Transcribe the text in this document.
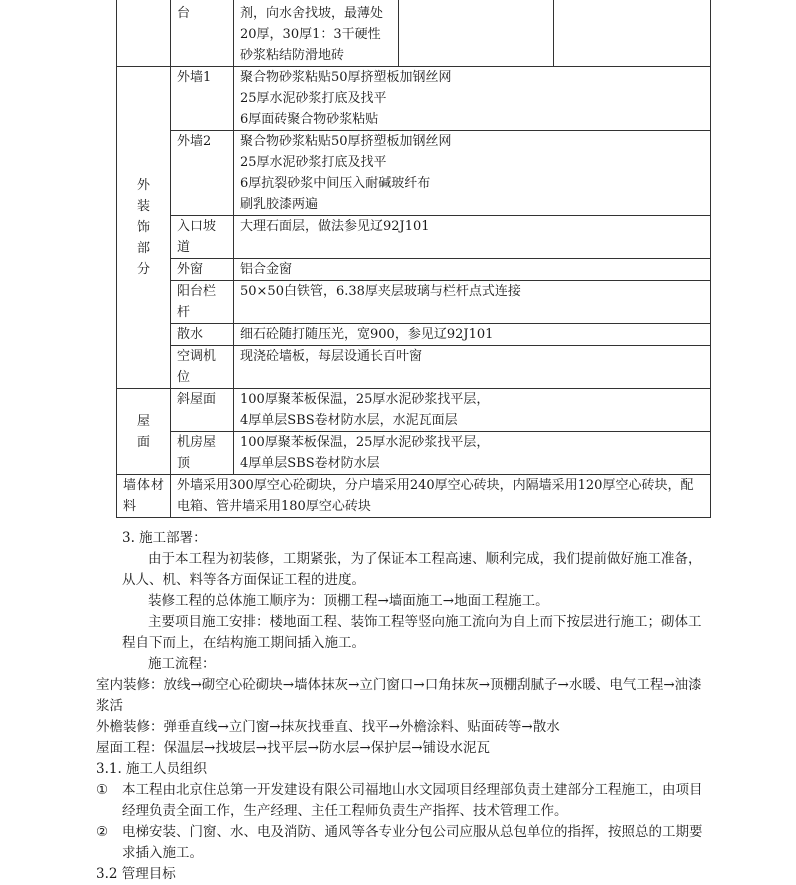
台	剂，向水舍找坡，最薄处
20厚，30厚1：3干硬性
砂浆粘结防滑地砖		

外装饰部分	外墙1	聚合物砂浆粘贴50厚挤塑板加钢丝网
25厚水泥砂浆打底及找平
6厚面砖聚合物砂浆粘贴		

	外墙2	聚合物砂浆粘贴50厚挤塑板加钢丝网
25厚水泥砂浆打底及找平
6厚抗裂砂浆中间压入耐碱玻纤布
刷乳胶漆两遍		

	入口坡道	大理石面层，做法参见辽92J101		

	外窗	铝合金窗		

	阳台栏杆	50×50白铁管，6.38厚夹层玻璃与栏杆点式连接		

	散水	细石砼随打随压光，宽900，参见辽92J101		

	空调机位	现浇砼墙板，每层设通长百叶窗		

屋面	斜屋面	100厚聚苯板保温，25厚水泥砂浆找平层，
4厚单层SBS卷材防水层，水泥瓦面层		

	机房屋顶	100厚聚苯板保温，25厚水泥砂浆找平层，
4厚单层SBS卷材防水层		

墙体材料	外墙采用300厚空心砼砌块，分户墙采用240厚空心砖块，内隔墙采用120厚空心砖块，配电箱、管井墙采用180厚空心砖块			

3. 施工部署：

由于本工程为初装修，工期紧张，为了保证本工程高速、顺利完成，我们提前做好施工准备，从人、机、料等各方面保证工程的进度。

装修工程的总体施工顺序为：顶棚工程→墙面施工→地面工程施工。

主要项目施工安排：楼地面工程、装饰工程等竖向施工流向为自上而下按层进行施工；砌体工程自下而上，在结构施工期间插入施工。

施工流程：

室内装修：放线→砌空心砼砌块→墙体抹灰→立门窗口→口角抹灰→顶棚刮腻子→水暖、电气工程→油漆浆活

外檐装修：弹垂直线→立门窗→抹灰找垂直、找平→外檐涂料、贴面砖等→散水

屋面工程：保温层→找坡层→找平层→防水层→保护层→铺设水泥瓦

3.1. 施工人员组织

①	本工程由北京住总第一开发建设有限公司福地山水文园项目经理部负责土建部分工程施工，由项目经理负责全面工作，生产经理、主任工程师负责生产指挥、技术管理工作。
②	电梯安装、门窗、水、电及消防、通风等各专业分包公司应服从总包单位的指挥，按照总的工期要求插入施工。

3.2 管理目标
